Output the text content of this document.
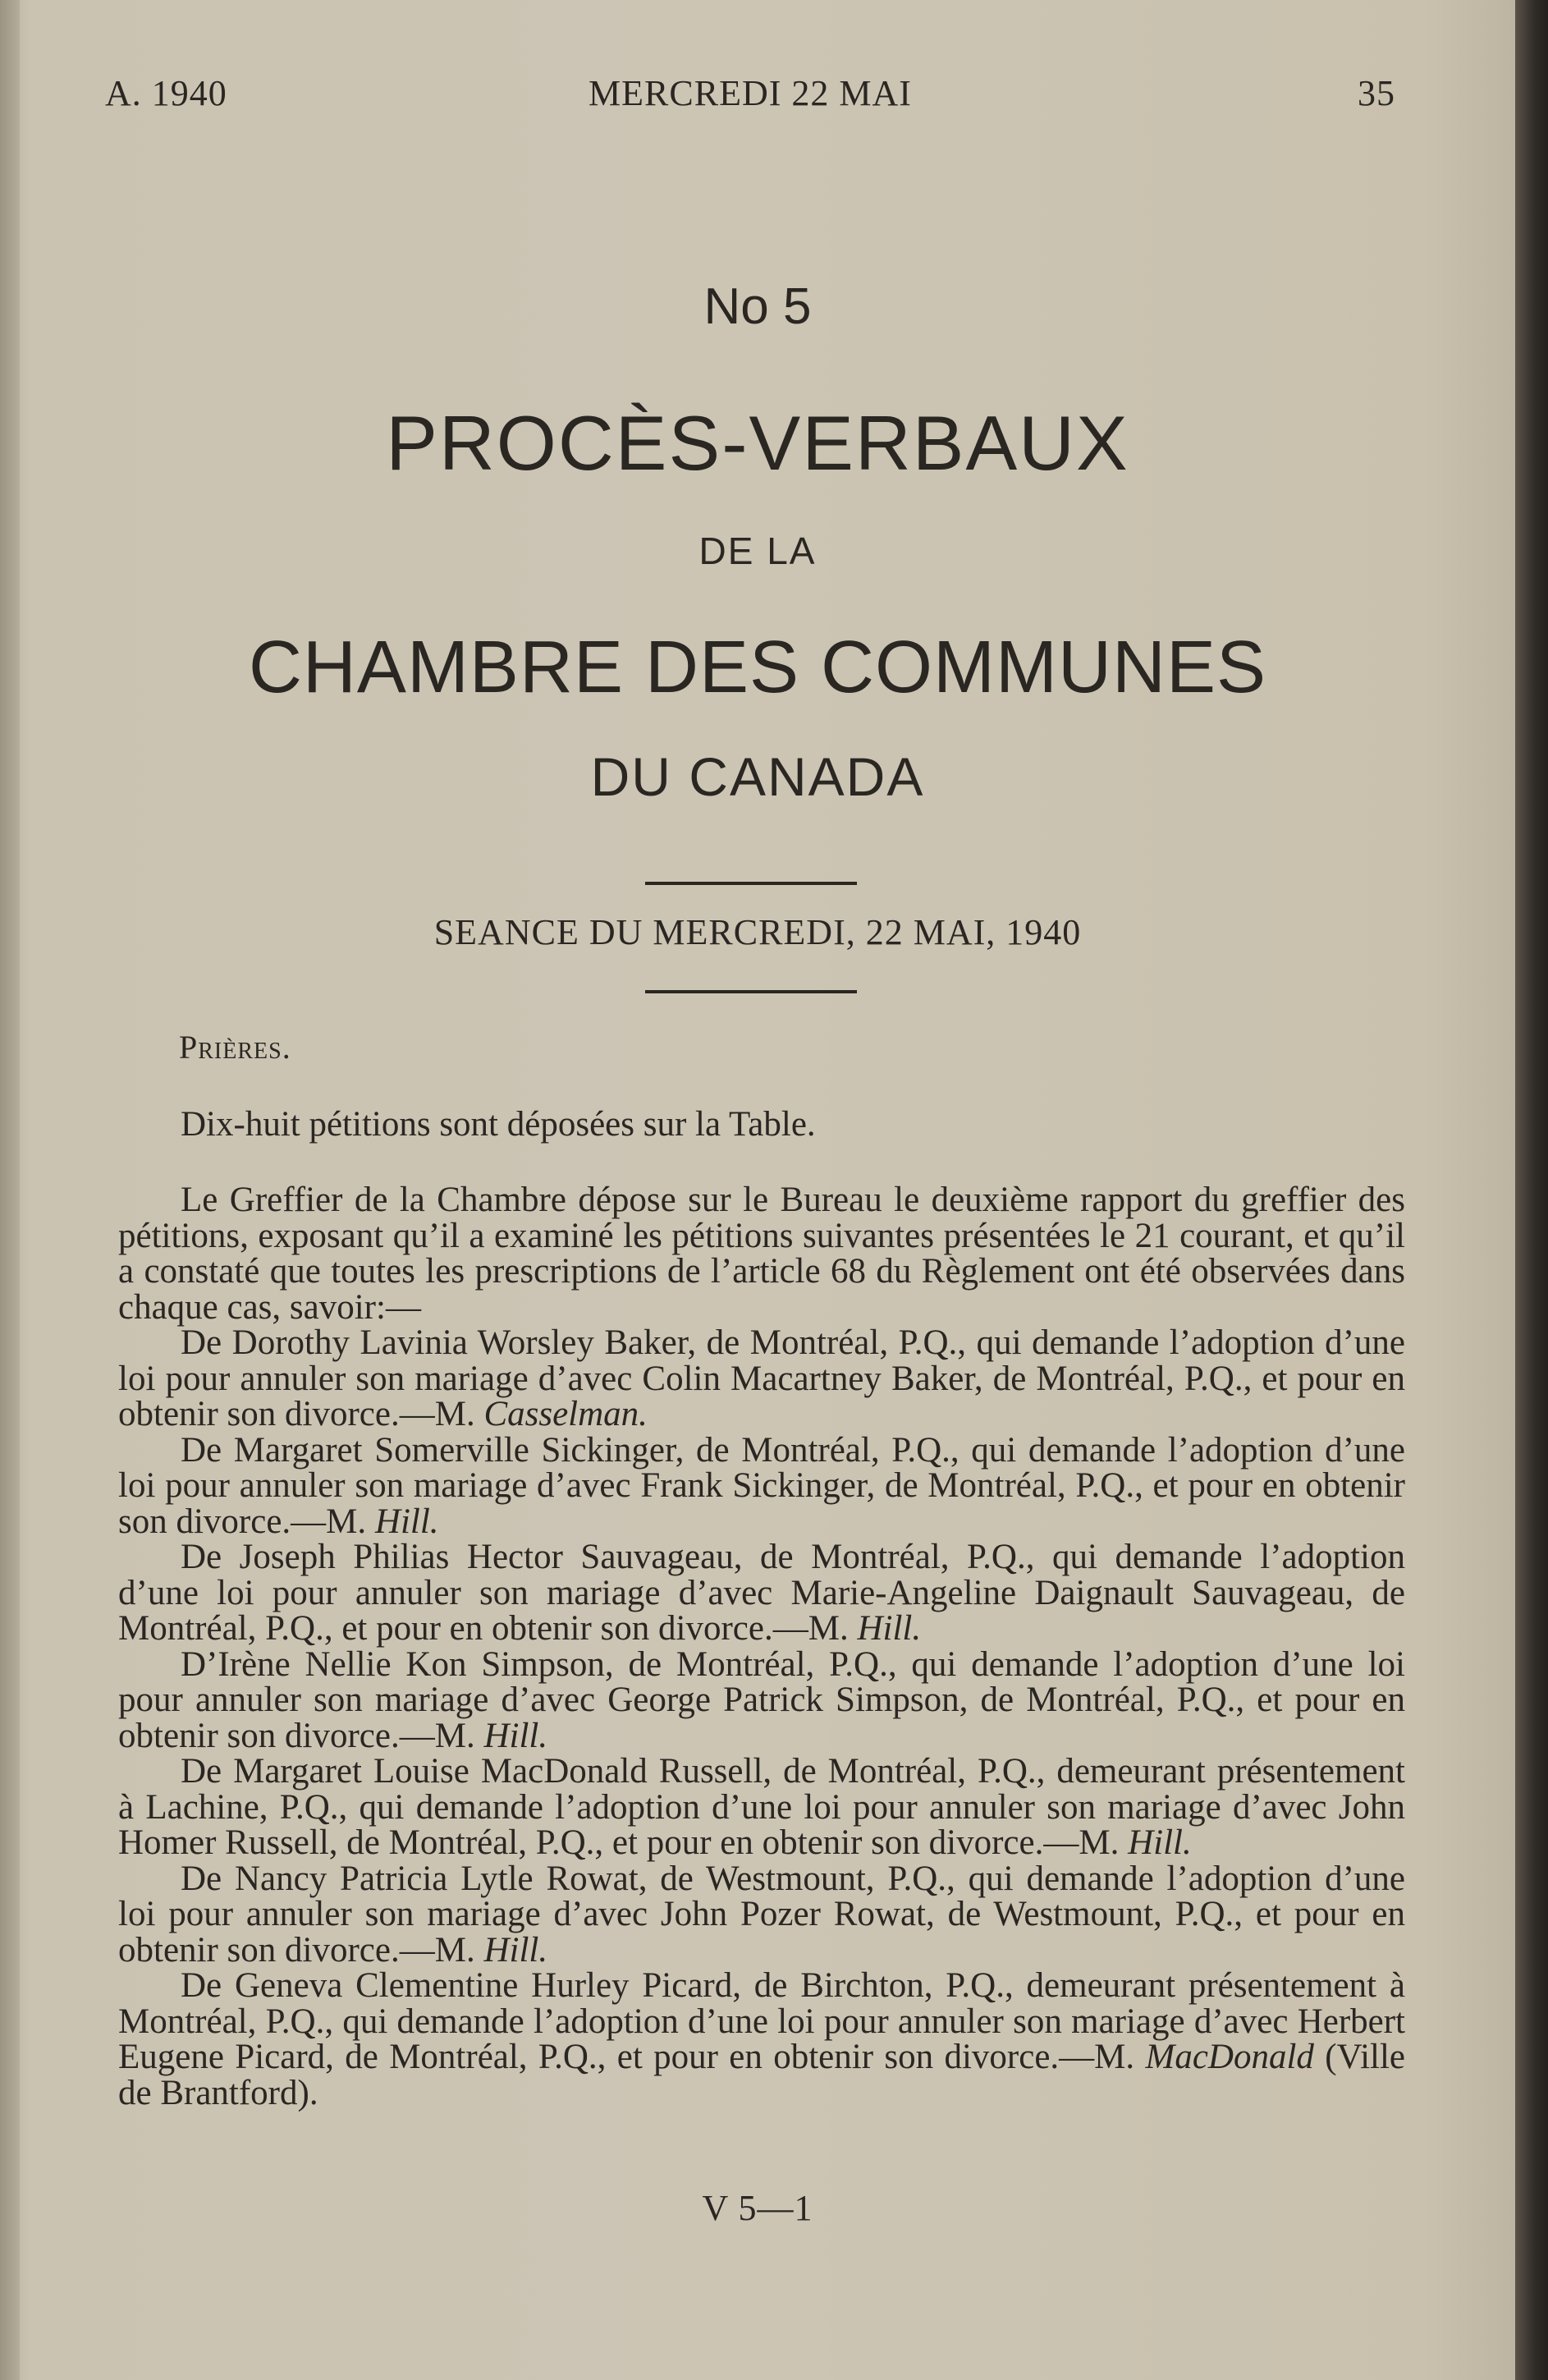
A. 1940	MERCREDI 22 MAI	35
No 5
PROCÈS-VERBAUX
DE LA
CHAMBRE DES COMMUNES
DU CANADA
SEANCE DU MERCREDI, 22 MAI, 1940
Prières.
Dix-huit pétitions sont déposées sur la Table.

Le Greffier de la Chambre dépose sur le Bureau le deuxième rapport du greffier des pétitions, exposant qu’il a examiné les pétitions suivantes présentées le 21 courant, et qu’il a constaté que toutes les prescriptions de l’article 68 du Règlement ont été observées dans chaque cas, savoir:—

De Dorothy Lavinia Worsley Baker, de Montréal, P.Q., qui demande l’adoption d’une loi pour annuler son mariage d’avec Colin Macartney Baker, de Montréal, P.Q., et pour en obtenir son divorce.—M. Casselman.

De Margaret Somerville Sickinger, de Montréal, P.Q., qui demande l’adoption d’une loi pour annuler son mariage d’avec Frank Sickinger, de Montréal, P.Q., et pour en obtenir son divorce.—M. Hill.

De Joseph Philias Hector Sauvageau, de Montréal, P.Q., qui demande l’adoption d’une loi pour annuler son mariage d’avec Marie-Angeline Daignault Sauvageau, de Montréal, P.Q., et pour en obtenir son divorce.—M. Hill.

D’Irène Nellie Kon Simpson, de Montréal, P.Q., qui demande l’adoption d’une loi pour annuler son mariage d’avec George Patrick Simpson, de Montréal, P.Q., et pour en obtenir son divorce.—M. Hill.

De Margaret Louise MacDonald Russell, de Montréal, P.Q., demeurant présentement à Lachine, P.Q., qui demande l’adoption d’une loi pour annuler son mariage d’avec John Homer Russell, de Montréal, P.Q., et pour en obtenir son divorce.—M. Hill.

De Nancy Patricia Lytle Rowat, de Westmount, P.Q., qui demande l’adoption d’une loi pour annuler son mariage d’avec John Pozer Rowat, de Westmount, P.Q., et pour en obtenir son divorce.—M. Hill.

De Geneva Clementine Hurley Picard, de Birchton, P.Q., demeurant présentement à Montréal, P.Q., qui demande l’adoption d’une loi pour annuler son mariage d’avec Herbert Eugene Picard, de Montréal, P.Q., et pour en obtenir son divorce.—M. MacDonald (Ville de Brantford).

V 5—1
